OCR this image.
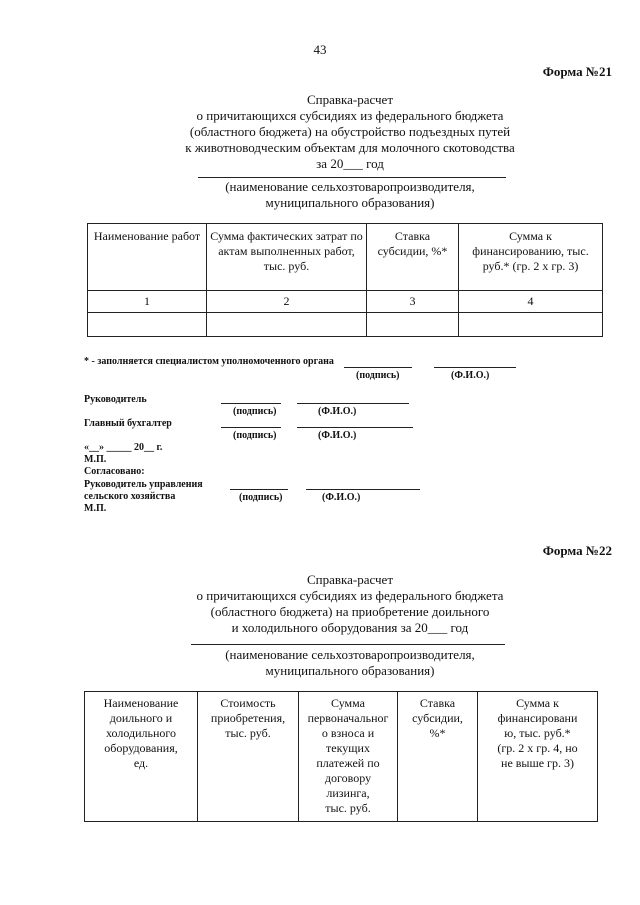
43
Форма №21
Справка-расчет
о причитающихся субсидиях из федерального бюджета
(областного бюджета) на обустройство подъездных путей
к животноводческим объектам для молочного скотоводства
за 20___ год
(наименование сельхозтоваропроизводителя,
муниципального образования)
Наименование работ	Сумма фактических затрат по актам выполненных работ, тыс. руб.	Ставка субсидии, %*	Сумма к финансированию, тыс. руб.* (гр. 2 х гр. 3)
1	2	3	4

* - заполняется специалистом уполномоченного органа
(подпись)	(Ф.И.О.)
Руководитель
(подпись)	(Ф.И.О.)
Главный бухгалтер
(подпись)	(Ф.И.О.)
«__» _____ 20__ г.
М.П.
Согласовано:
Руководитель управления
сельского хозяйства	(подпись)	(Ф.И.О.)
М.П.
Форма №22
Справка-расчет
о причитающихся субсидиях из федерального бюджета
(областного бюджета) на приобретение доильного
и холодильного оборудования за 20___ год
(наименование сельхозтоваропроизводителя,
муниципального образования)
Наименование
доильного и
холодильного
оборудования,
ед.

Стоимость
приобретения,
тыс. руб.

Сумма
первоначальног
о взноса и
текущих
платежей по
договору
лизинга,
тыс. руб.

Ставка
субсидии,
%*

Сумма к
финансировани
ю, тыс. руб.*
(гр. 2 х гр. 4, но
не выше гр. 3)
